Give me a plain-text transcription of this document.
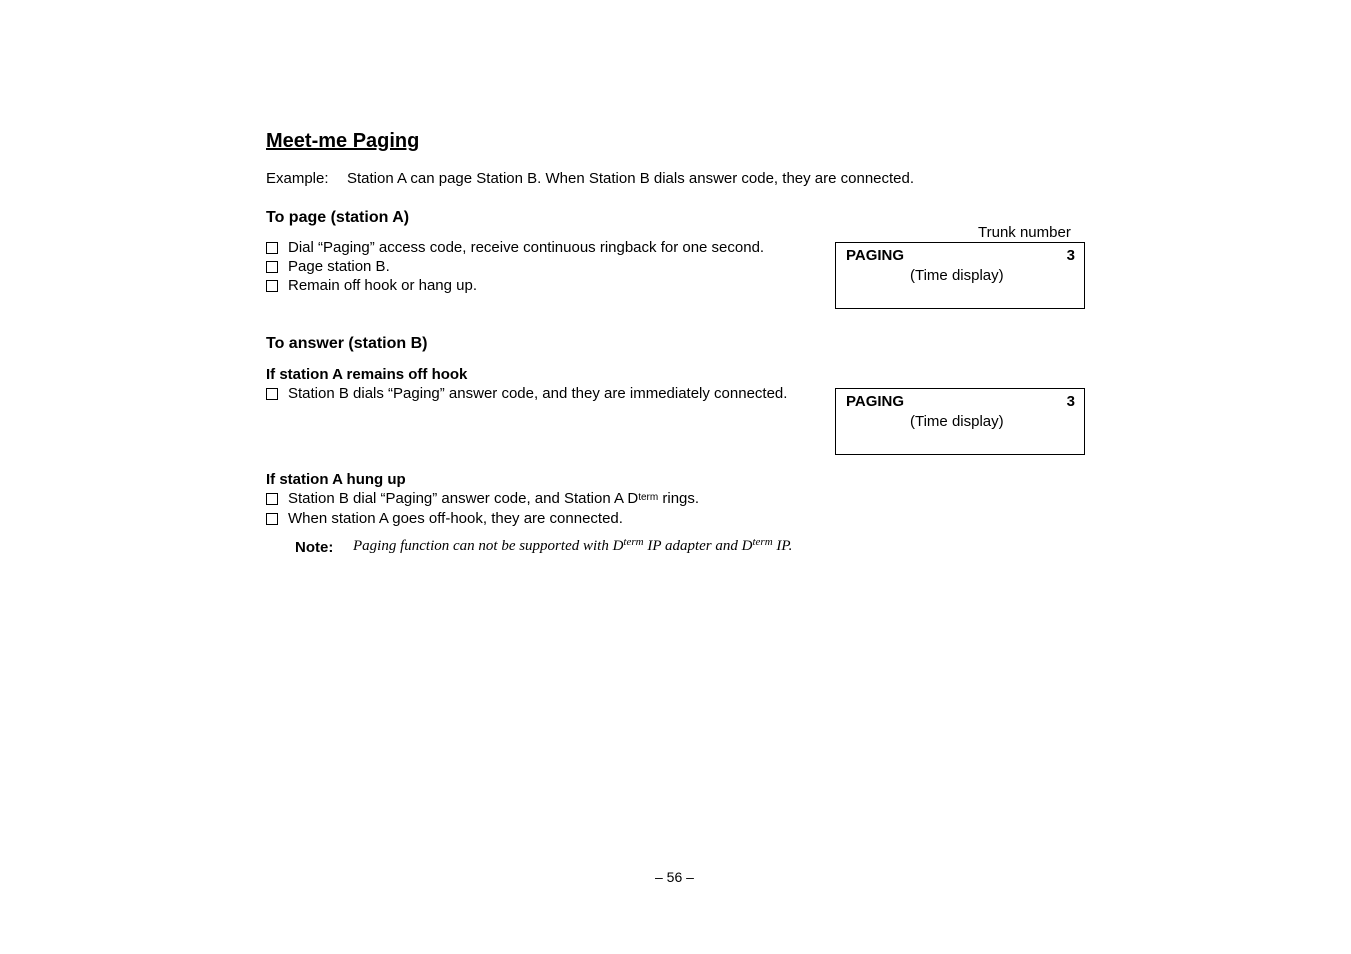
Meet-me Paging
Example: Station A can page Station B. When Station B dials answer code, they are connected.
To page (station A)
Trunk number
Dial “Paging” access code, receive continuous ringback for one second.
Page station B.
Remain off hook or hang up.
PAGING	3
(Time display)
To answer (station B)
If station A remains off hook
Station B dials “Paging” answer code, and they are immediately connected.	PAGING	3
(Time display)
If station A hung up
Station B dial “Paging” answer code, and Station A $D^{term}$ rings.
When station A goes off-hook, they are connected.
Note: Paging function can not be supported with $D^{term}$ IP adapter and $D^{term}$ IP.
– 56 –
